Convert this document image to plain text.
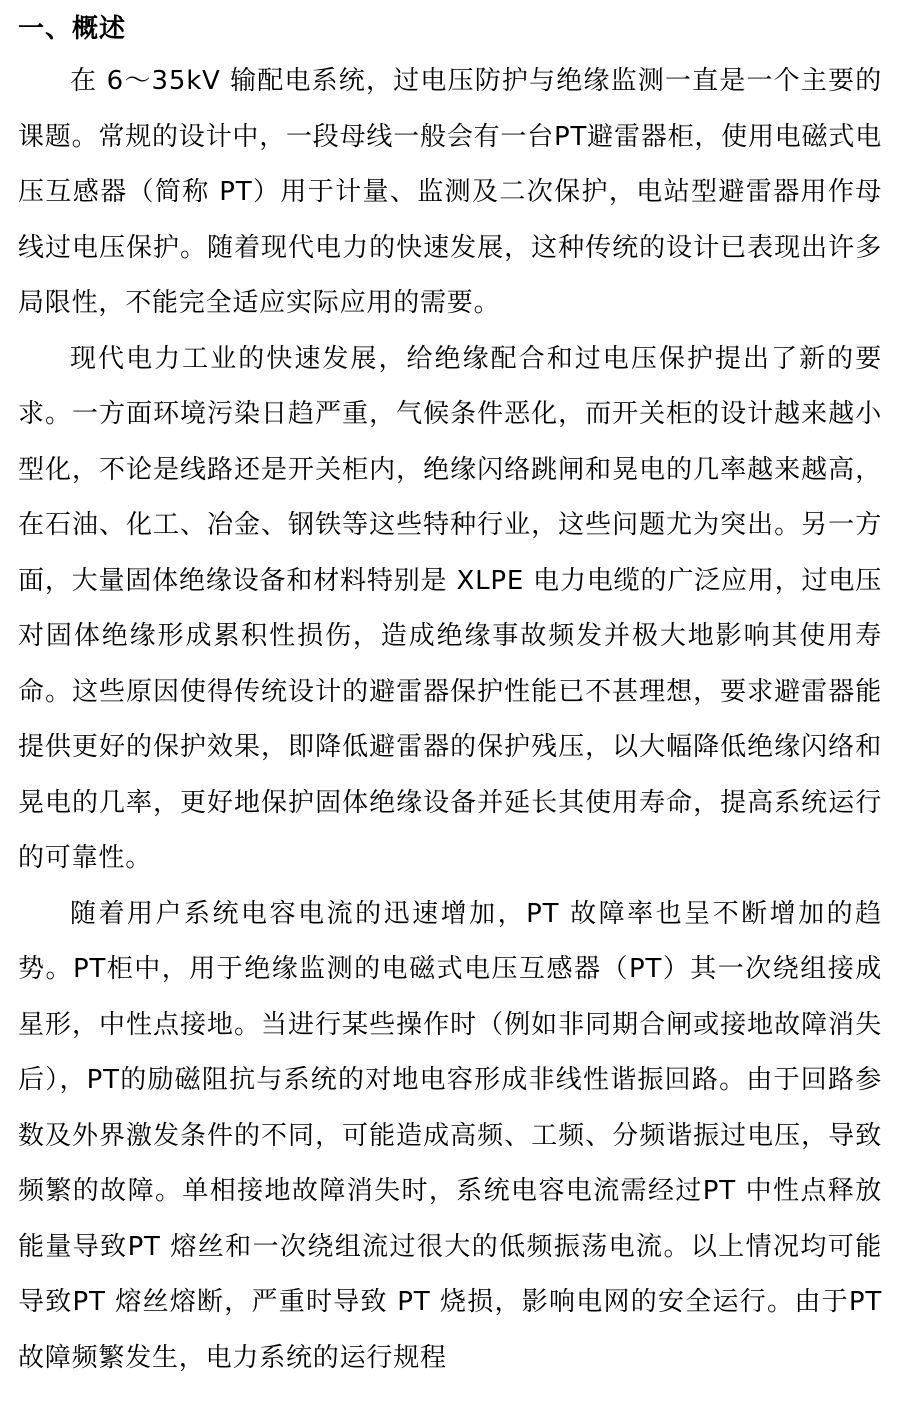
一、概述

在 6～35kV 输配电系统，过电压防护与绝缘监测一直是一个主要的课题。常规的设计中，一段母线一般会有一台PT避雷器柜，使用电磁式电压互感器（简称 PT）用于计量、监测及二次保护，电站型避雷器用作母线过电压保护。随着现代电力的快速发展，这种传统的设计已表现出许多局限性，不能完全适应实际应用的需要。

现代电力工业的快速发展，给绝缘配合和过电压保护提出了新的要求。一方面环境污染日趋严重，气候条件恶化，而开关柜的设计越来越小型化，不论是线路还是开关柜内，绝缘闪络跳闸和晃电的几率越来越高，在石油、化工、冶金、钢铁等这些特种行业，这些问题尤为突出。另一方面，大量固体绝缘设备和材料特别是 XLPE 电力电缆的广泛应用，过电压对固体绝缘形成累积性损伤，造成绝缘事故频发并极大地影响其使用寿命。这些原因使得传统设计的避雷器保护性能已不甚理想，要求避雷器能提供更好的保护效果，即降低避雷器的保护残压，以大幅降低绝缘闪络和晃电的几率，更好地保护固体绝缘设备并延长其使用寿命，提高系统运行的可靠性。

随着用户系统电容电流的迅速增加，PT 故障率也呈不断增加的趋势。PT柜中，用于绝缘监测的电磁式电压互感器（PT）其一次绕组接成星形，中性点接地。当进行某些操作时（例如非同期合闸或接地故障消失后），PT的励磁阻抗与系统的对地电容形成非线性谐振回路。由于回路参数及外界激发条件的不同，可能造成高频、工频、分频谐振过电压，导致频繁的故障。单相接地故障消失时，系统电容电流需经过PT 中性点释放能量导致PT 熔丝和一次绕组流过很大的低频振荡电流。以上情况均可能导致PT 熔丝熔断，严重时导致 PT 烧损，影响电网的安全运行。由于PT 故障频繁发生，电力系统的运行规程
